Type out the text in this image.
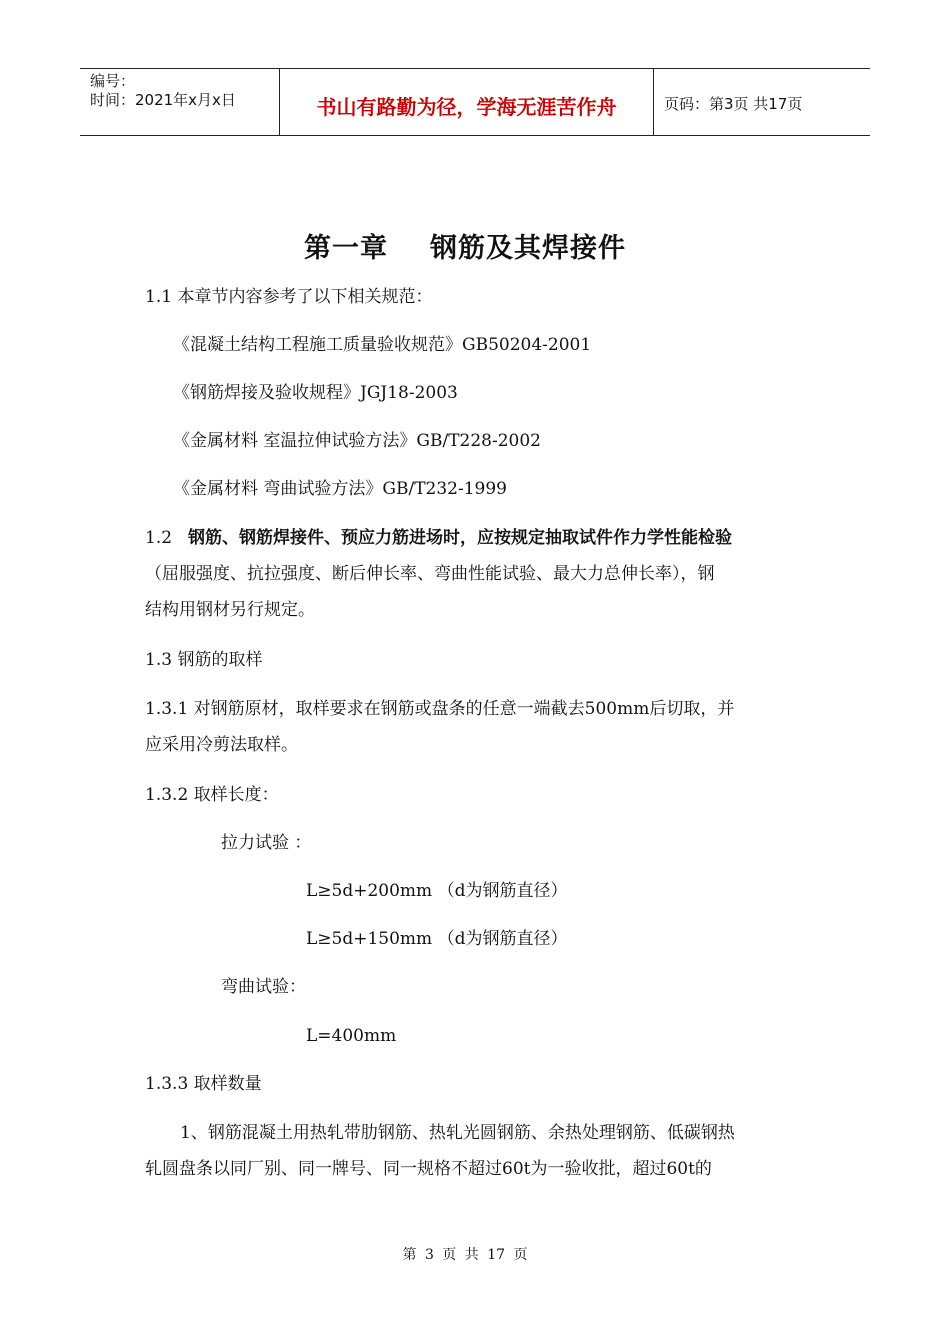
编号：
时间：2021年x月x日	书山有路勤为径，学海无涯苦作舟	页码：第3页 共17页
第一章 钢筋及其焊接件
1.1 本章节内容参考了以下相关规范：
《混凝土结构工程施工质量验收规范》GB50204-2001
《钢筋焊接及验收规程》JGJ18-2003
《金属材料 室温拉伸试验方法》GB/T228-2002
《金属材料 弯曲试验方法》GB/T232-1999
1.2 钢筋、钢筋焊接件、预应力筋进场时，应按规定抽取试件作力学性能检验
（屈服强度、抗拉强度、断后伸长率、弯曲性能试验、最大力总伸长率），钢
结构用钢材另行规定。
1.3 钢筋的取样
1.3.1 对钢筋原材，取样要求在钢筋或盘条的任意一端截去500mm后切取，并
应采用冷剪法取样。
1.3.2 取样长度：
拉力试验 ：
L≥5d+200mm （d为钢筋直径）
L≥5d+150mm （d为钢筋直径）
弯曲试验：
L=400mm
1.3.3 取样数量
1、钢筋混凝土用热轧带肋钢筋、热轧光圆钢筋、余热处理钢筋、低碳钢热
轧圆盘条以同厂别、同一牌号、同一规格不超过60t为一验收批，超过60t的
第 3 页 共 17 页
